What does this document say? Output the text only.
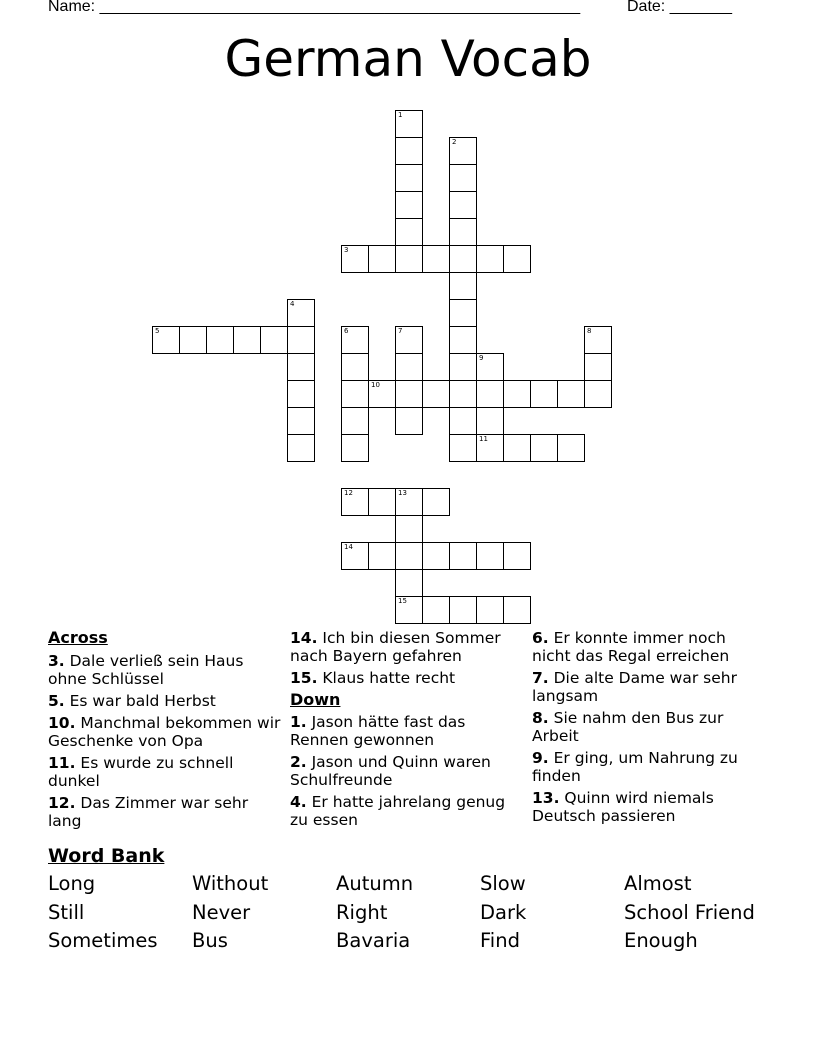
Name: ______________________________________________________	Date: _______
German Vocab
1
2
3
4
5	6	7	8
9
11
10
12	13
15
14
Across
3. Dale verließ sein Haus ohne Schlüssel
5. Es war bald Herbst
10. Manchmal bekommen wir Geschenke von Opa
11. Es wurde zu schnell dunkel
12. Das Zimmer war sehr lang
14. Ich bin diesen Sommer nach Bayern gefahren
15. Klaus hatte recht
Down
1. Jason hätte fast das Rennen gewonnen
2. Jason und Quinn waren Schulfreunde
4. Er hatte jahrelang genug zu essen
6. Er konnte immer noch nicht das Regal erreichen
7. Die alte Dame war sehr langsam
8. Sie nahm den Bus zur Arbeit
9. Er ging, um Nahrung zu finden
13. Quinn wird niemals Deutsch passieren
Word Bank
Long	Without	Autumn	Slow	Almost
Still	Never	Right	Dark	School Friend
Sometimes	Bus	Bavaria	Find	Enough
